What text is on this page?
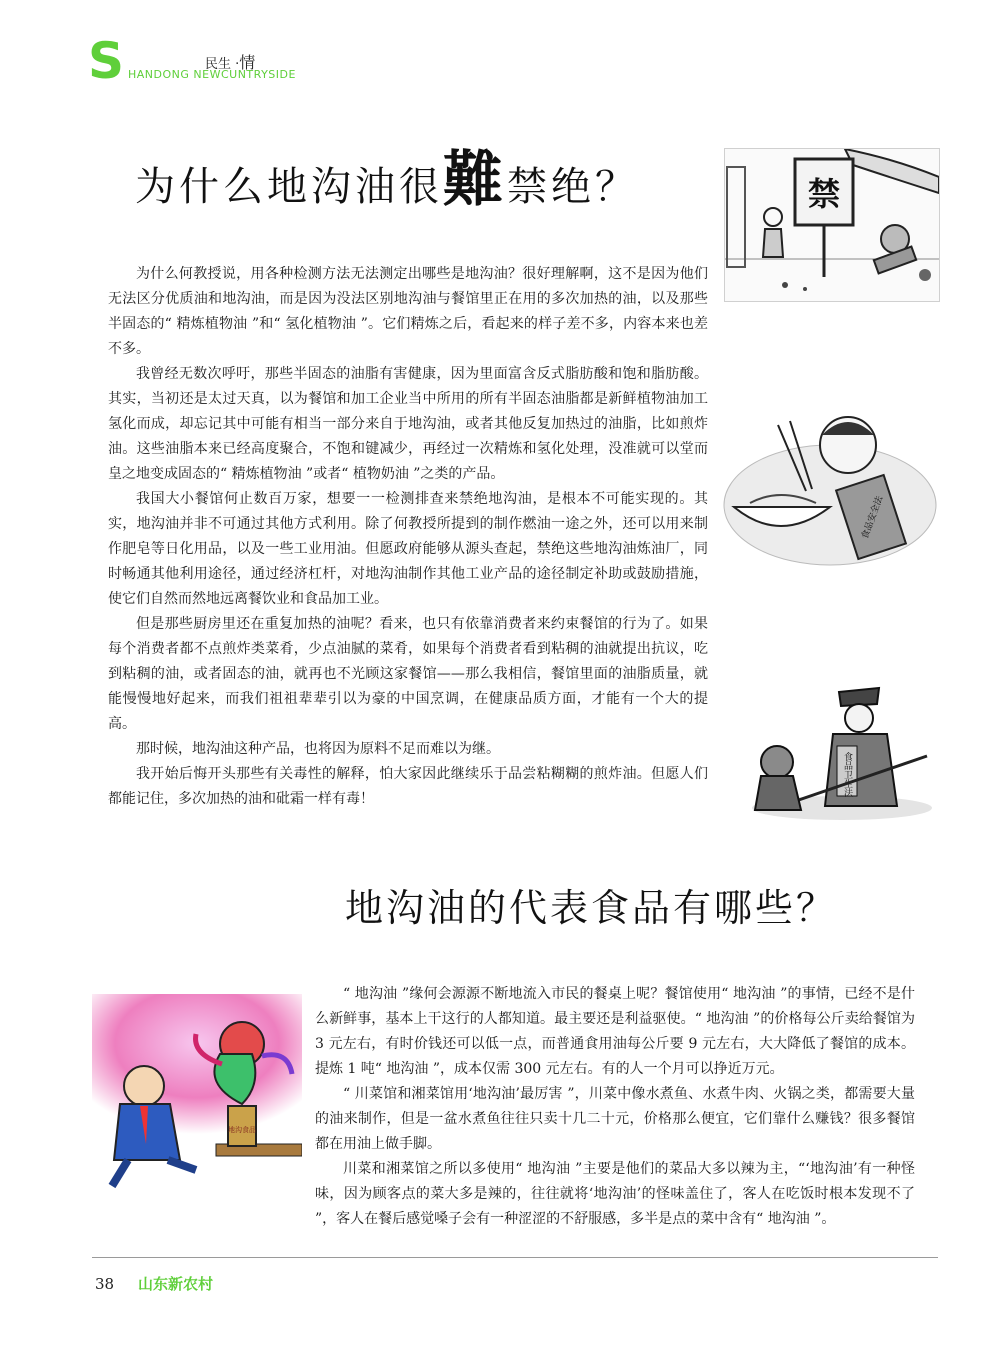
S HANDONG NEWCUNTRYSIDE
民生 ·情
为什么地沟油很難禁绝？	禁

为什么何教授说，用各种检测方法无法测定出哪些是地沟油？很好理解啊，这不是因为他们无法区分优质油和地沟油，而是因为没法区别地沟油与餐馆里正在用的多次加热的油，以及那些半固态的“ 精炼植物油 ”和“ 氢化植物油 ”。它们精炼之后，看起来的样子差不多，内容本来也差不多。

我曾经无数次呼吁，那些半固态的油脂有害健康，因为里面富含反式脂肪酸和饱和脂肪酸。其实，当初还是太过天真，以为餐馆和加工企业当中所用的所有半固态油脂都是新鲜植物油加工氢化而成，却忘记其中可能有相当一部分来自于地沟油，或者其他反复加热过的油脂，比如煎炸油。这些油脂本来已经高度聚合，不饱和键减少，再经过一次精炼和氢化处理，没准就可以堂而皇之地变成固态的“ 精炼植物油 ”或者“ 植物奶油 ”之类的产品。

我国大小餐馆何止数百万家，想要一一检测排查来禁绝地沟油，是根本不可能实现的。其实，地沟油并非不可通过其他方式利用。除了何教授所提到的制作燃油一途之外，还可以用来制作肥皂等日化用品，以及一些工业用油。但愿政府能够从源头查起，禁绝这些地沟油炼油厂，同时畅通其他利用途径，通过经济杠杆，对地沟油制作其他工业产品的途径制定补助或鼓励措施，使它们自然而然地远离餐饮业和食品加工业。

但是那些厨房里还在重复加热的油呢？看来，也只有依靠消费者来约束餐馆的行为了。如果每个消费者都不点煎炸类菜肴，少点油腻的菜肴，如果每个消费者看到粘稠的油就提出抗议，吃到粘稠的油，或者固态的油，就再也不光顾这家餐馆——那么我相信，餐馆里面的油脂质量，就能慢慢地好起来，而我们祖祖辈辈引以为豪的中国烹调，在健康品质方面，才能有一个大的提高。

那时候，地沟油这种产品，也将因为原料不足而难以为继。

我开始后悔开头那些有关毒性的解释，怕大家因此继续乐于品尝粘糊糊的煎炸油。但愿人们都能记住，多次加热的油和砒霜一样有毒！

食品安全法
食品卫生法
地沟油的代表食品有哪些？
地沟食品

“ 地沟油 ”缘何会源源不断地流入市民的餐桌上呢？餐馆使用“ 地沟油 ”的事情，已经不是什么新鲜事，基本上干这行的人都知道。最主要还是利益驱使。“ 地沟油 ”的价格每公斤卖给餐馆为 3 元左右，有时价钱还可以低一点，而普通食用油每公斤要 9 元左右，大大降低了餐馆的成本。提炼 1 吨“ 地沟油 ”，成本仅需 300 元左右。有的人一个月可以挣近万元。

“ 川菜馆和湘菜馆用‘地沟油’最厉害 ”，川菜中像水煮鱼、水煮牛肉、火锅之类，都需要大量的油来制作，但是一盆水煮鱼往往只卖十几二十元，价格那么便宜，它们靠什么赚钱？很多餐馆都在用油上做手脚。

川菜和湘菜馆之所以多使用“ 地沟油 ”主要是他们的菜品大多以辣为主，“‘地沟油’有一种怪味，因为顾客点的菜大多是辣的，往往就将‘地沟油’的怪味盖住了，客人在吃饭时根本发现不了 ”，客人在餐后感觉嗓子会有一种涩涩的不舒服感，多半是点的菜中含有“ 地沟油 ”。

38 山东新农村
